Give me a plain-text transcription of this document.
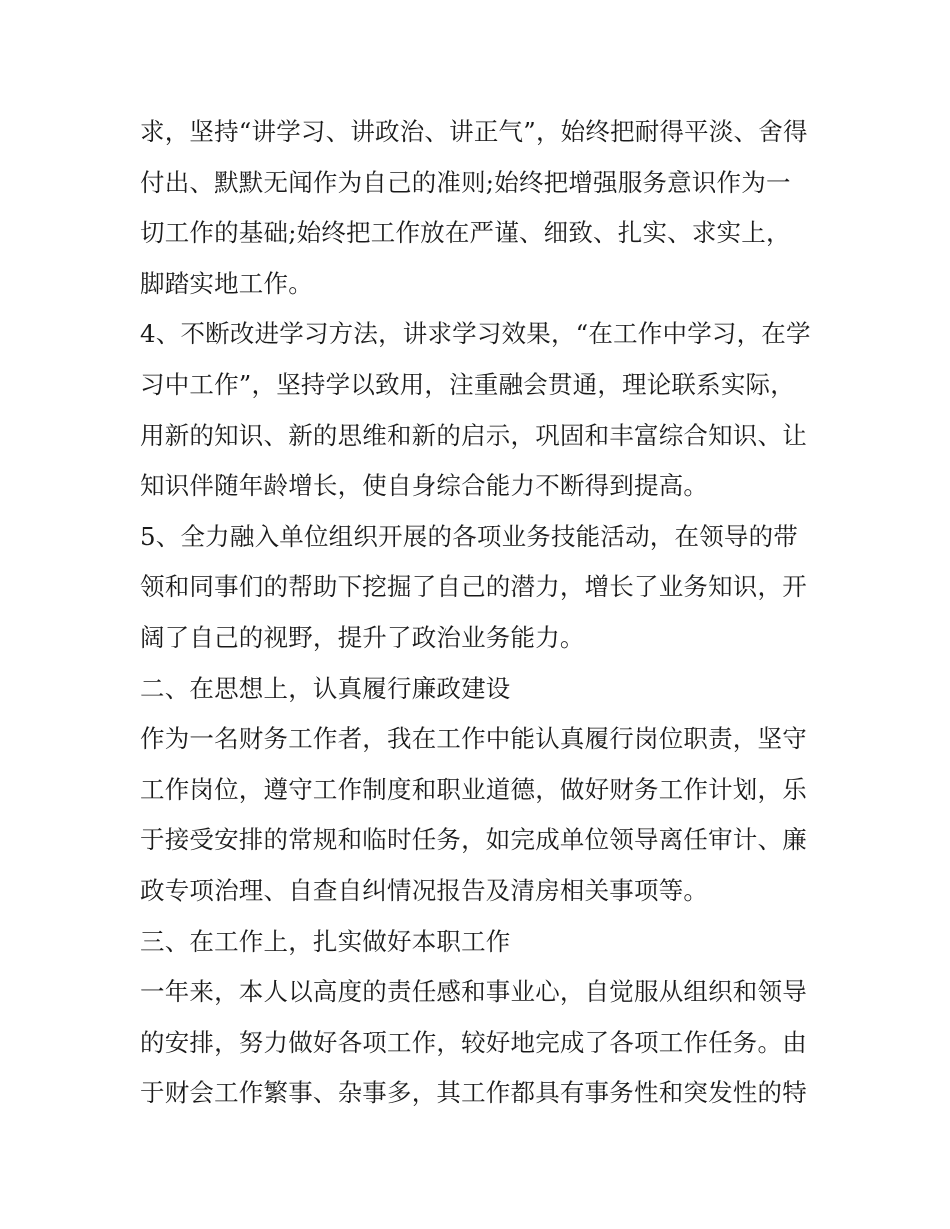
求，坚持“讲学习、讲政治、讲正气”，始终把耐得平淡、舍得
付出、默默无闻作为自己的准则;始终把增强服务意识作为一
切工作的基础;始终把工作放在严谨、细致、扎实、求实上，
脚踏实地工作。
4、不断改进学习方法，讲求学习效果，“在工作中学习，在学
习中工作”，坚持学以致用，注重融会贯通，理论联系实际，
用新的知识、新的思维和新的启示，巩固和丰富综合知识、让
知识伴随年龄增长，使自身综合能力不断得到提高。
5、全力融入单位组织开展的各项业务技能活动，在领导的带
领和同事们的帮助下挖掘了自己的潜力，增长了业务知识，开
阔了自己的视野，提升了政治业务能力。
二、在思想上，认真履行廉政建设
作为一名财务工作者，我在工作中能认真履行岗位职责，坚守
工作岗位，遵守工作制度和职业道德，做好财务工作计划，乐
于接受安排的常规和临时任务，如完成单位领导离任审计、廉
政专项治理、自查自纠情况报告及清房相关事项等。
三、在工作上，扎实做好本职工作
一年来，本人以高度的责任感和事业心，自觉服从组织和领导
的安排，努力做好各项工作，较好地完成了各项工作任务。由
于财会工作繁事、杂事多，其工作都具有事务性和突发性的特
